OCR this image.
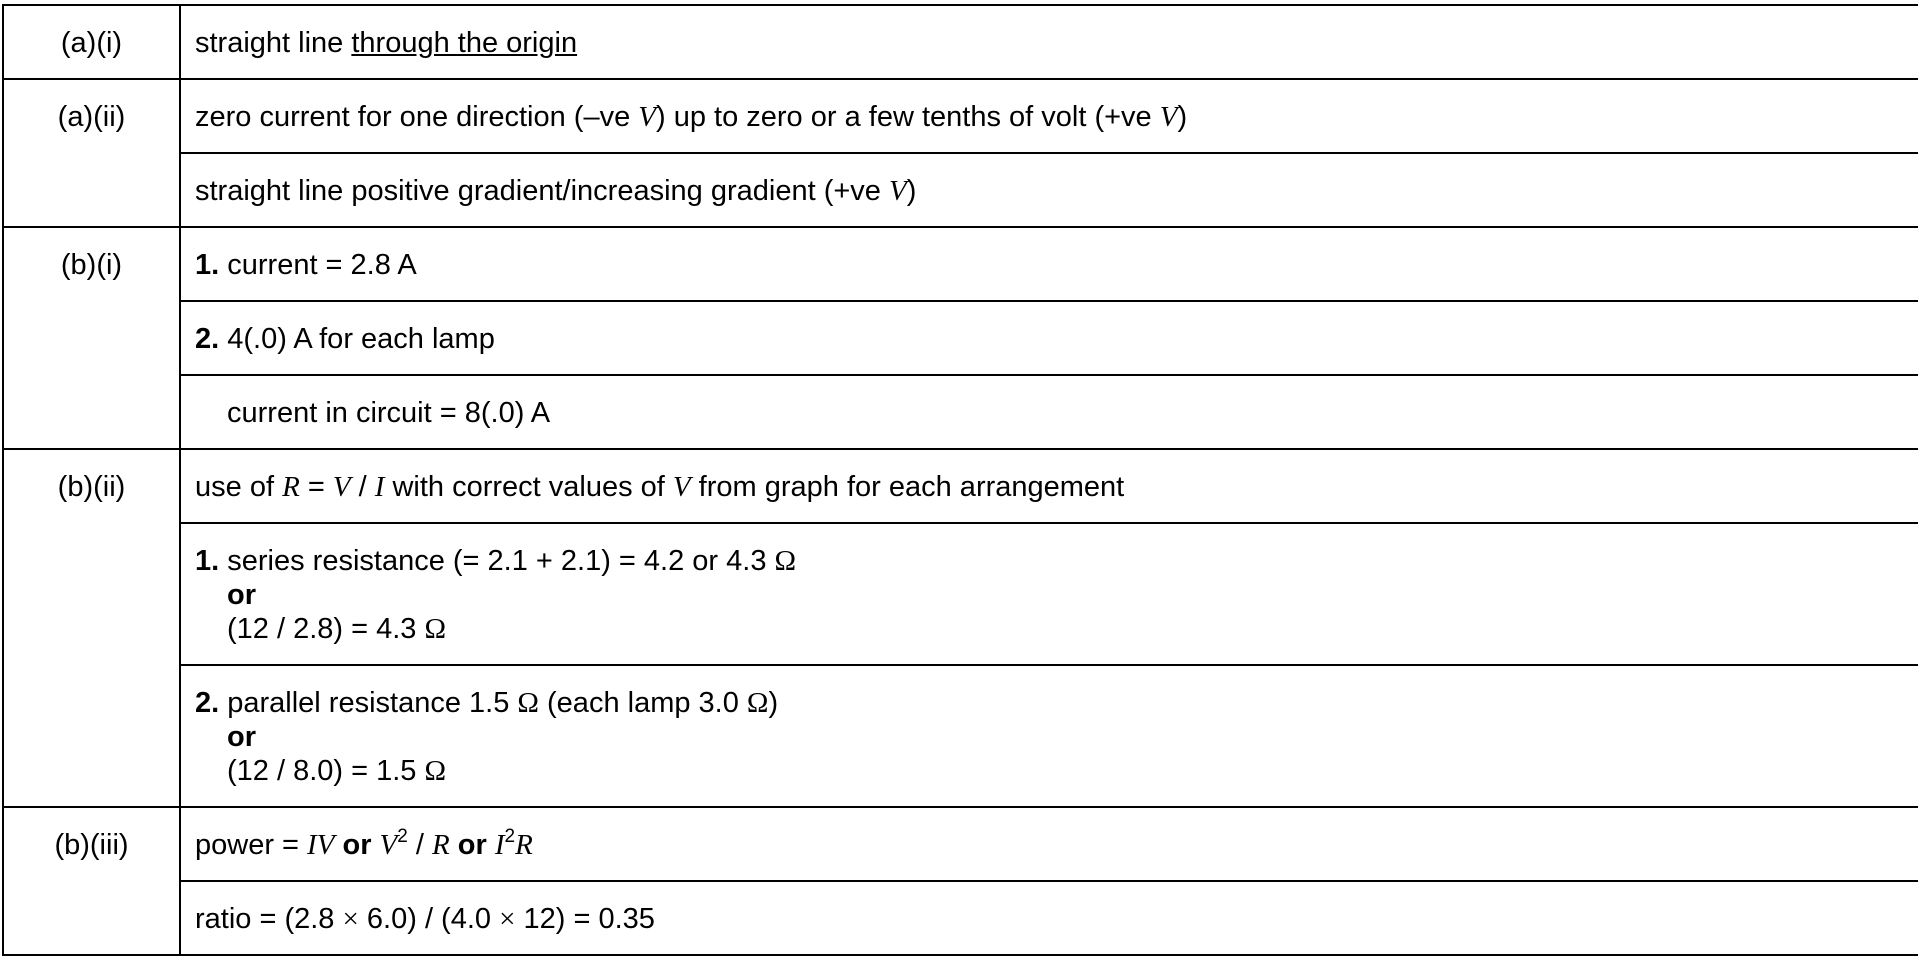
(a)(i)	straight line through the origin
(a)(ii)	zero current for one direction (–ve V) up to zero or a few tenths of volt (+ve V)
	straight line positive gradient/increasing gradient (+ve V)
(b)(i)	1. current = 2.8 A
	2. 4(.0) A for each lamp
	current in circuit = 8(.0) A
(b)(ii)	use of R = V / I with correct values of V from graph for each arrangement

	1. series resistance (= 2.1 + 2.1) = 4.2 or 4.3 Ω
or
(12 / 2.8) = 4.3 Ω

	2. parallel resistance 1.5 Ω (each lamp 3.0 Ω)
or
(12 / 8.0) = 1.5 Ω

(b)(iii)	power = IV or $V^2$ / R or $I^2R$
	ratio = (2.8 × 6.0) / (4.0 × 12) = 0.35
